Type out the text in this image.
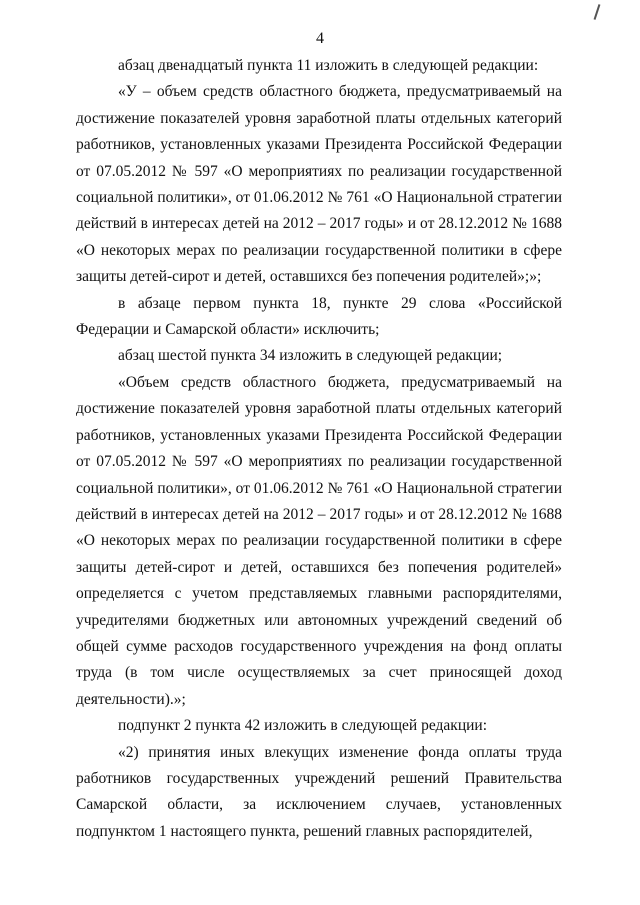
4

абзац двенадцатый пункта 11 изложить в следующей редакции:

«У – объем средств областного бюджета, предусматриваемый на достижение показателей уровня заработной платы отдельных категорий работников, установленных указами Президента Российской Федерации от 07.05.2012 № 597 «О мероприятиях по реализации государственной социальной политики», от 01.06.2012 № 761 «О Национальной стратегии действий в интересах детей на 2012 – 2017 годы» и от 28.12.2012 № 1688 «О некоторых мерах по реализации государственной политики в сфере защиты детей-сирот и детей, оставшихся без попечения родителей»;»;

в абзаце первом пункта 18, пункте 29 слова «Российской Федерации и Самарской области» исключить;

абзац шестой пункта 34 изложить в следующей редакции;

«Объем средств областного бюджета, предусматриваемый на достижение показателей уровня заработной платы отдельных категорий работников, установленных указами Президента Российской Федерации от 07.05.2012 № 597 «О мероприятиях по реализации государственной социальной политики», от 01.06.2012 № 761 «О Национальной стратегии действий в интересах детей на 2012 – 2017 годы» и от 28.12.2012 № 1688 «О некоторых мерах по реализации государственной политики в сфере защиты детей-сирот и детей, оставшихся без попечения родителей» определяется с учетом представляемых главными распорядителями, учредителями бюджетных или автономных учреждений сведений об общей сумме расходов государственного учреждения на фонд оплаты труда (в том числе осуществляемых за счет приносящей доход деятельности).»;

подпункт 2 пункта 42 изложить в следующей редакции:

«2) принятия иных влекущих изменение фонда оплаты труда работников государственных учреждений решений Правительства Самарской области, за исключением случаев, установленных подпунктом 1 настоящего пункта, решений главных распорядителей,
